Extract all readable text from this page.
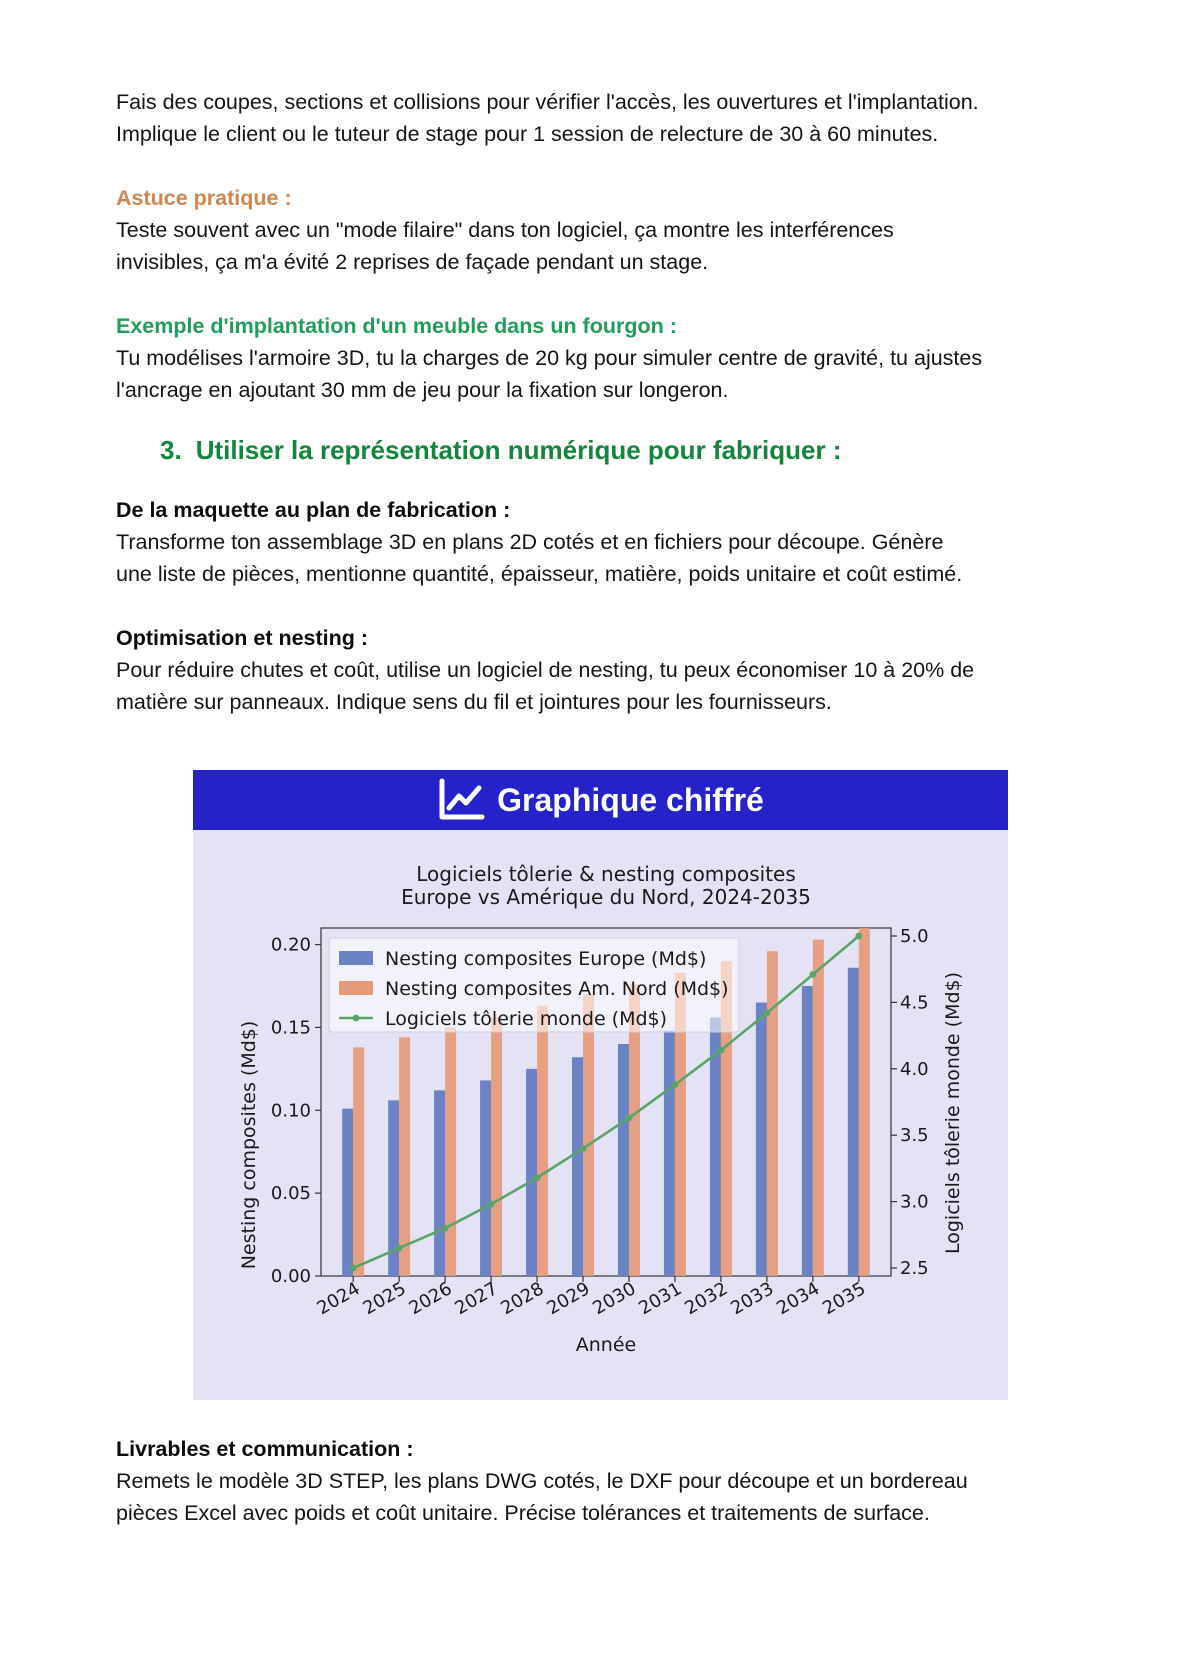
Fais des coupes, sections et collisions pour vérifier l'accès, les ouvertures et l'implantation.

Implique le client ou le tuteur de stage pour 1 session de relecture de 30 à 60 minutes.

Astuce pratique :

Teste souvent avec un "mode filaire" dans ton logiciel, ça montre les interférences

invisibles, ça m'a évité 2 reprises de façade pendant un stage.

Exemple d'implantation d'un meuble dans un fourgon :

Tu modélises l'armoire 3D, tu la charges de 20 kg pour simuler centre de gravité, tu ajustes

l'ancrage en ajoutant 30 mm de jeu pour la fixation sur longeron.

3. Utiliser la représentation numérique pour fabriquer :

De la maquette au plan de fabrication :

Transforme ton assemblage 3D en plans 2D cotés et en fichiers pour découpe. Génère

une liste de pièces, mentionne quantité, épaisseur, matière, poids unitaire et coût estimé.

Optimisation et nesting :

Pour réduire chutes et coût, utilise un logiciel de nesting, tu peux économiser 10 à 20% de

matière sur panneaux. Indique sens du fil et jointures pour les fournisseurs.

Graphique chiffré
Logiciels tôlerie & nesting composites
Europe vs Amérique du Nord, 2024-2035
0.00
0.05
0.10
0.15
0.20
2.5
3.0
3.5
4.0
4.5
5.0
2024
2025
2026
2027
2028
2029
2030
2031
2032
2033
2034
2035
Nesting composites Europe (Md$)
Nesting composites Am. Nord (Md$)
Logiciels tôlerie monde (Md$)
Année
Nesting composites (Md$)	Logiciels tôlerie monde (Md$)

Livrables et communication :

Remets le modèle 3D STEP, les plans DWG cotés, le DXF pour découpe et un bordereau

pièces Excel avec poids et coût unitaire. Précise tolérances et traitements de surface.
